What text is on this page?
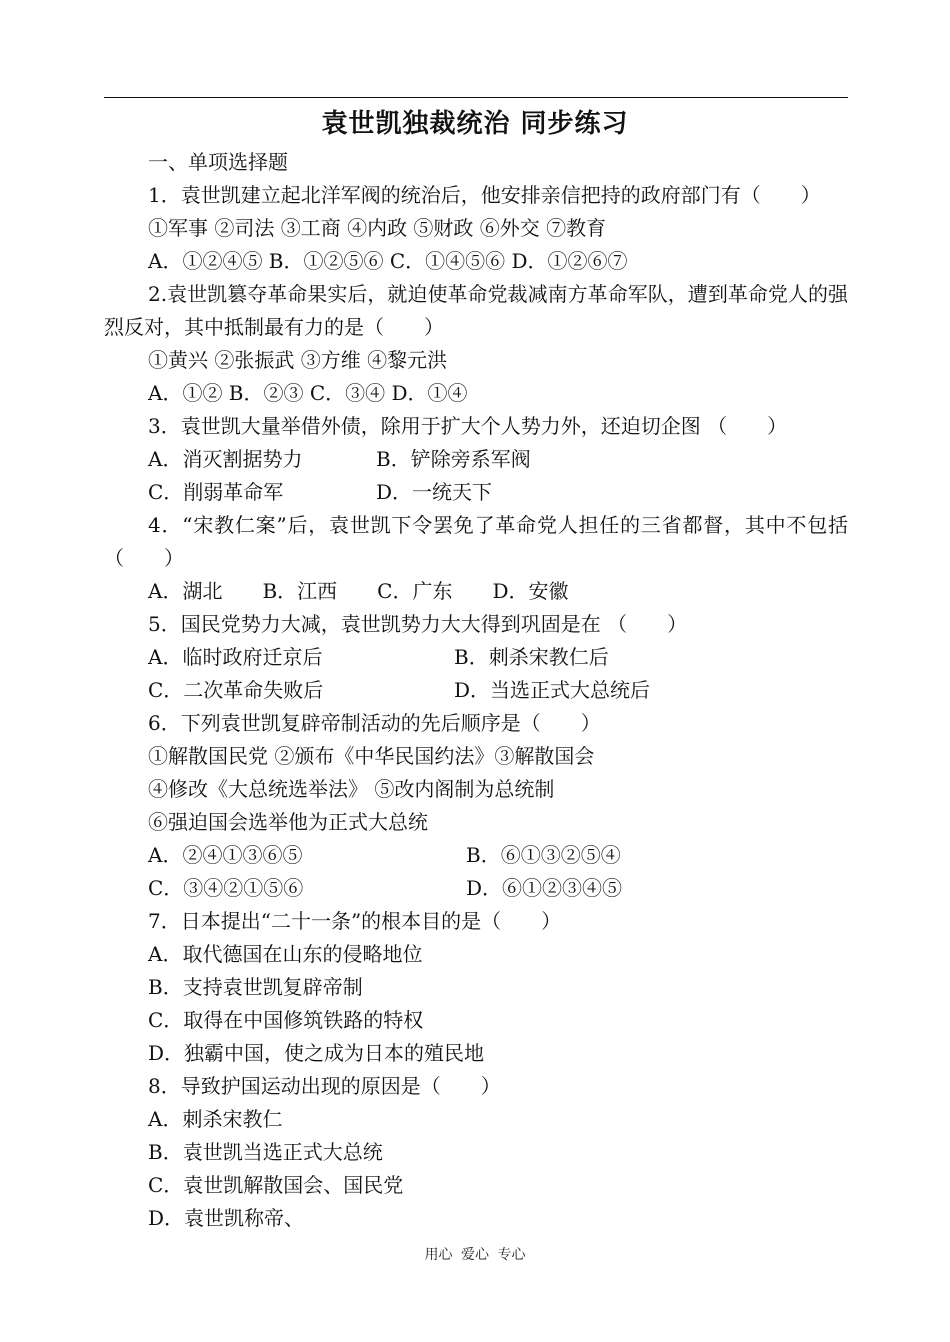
袁世凯独裁统治 同步练习
一、单项选择题
1．袁世凯建立起北洋军阀的统治后，他安排亲信把持的政府部门有（　　）
①军事 ②司法 ③工商 ④内政 ⑤财政 ⑥外交 ⑦教育
A．①②④⑤ B．①②⑤⑥ C．①④⑤⑥ D．①②⑥⑦
2.袁世凯篡夺革命果实后，就迫使革命党裁减南方革命军队，遭到革命党人的强烈反对，其中抵制最有力的是（　　）
①黄兴 ②张振武 ③方维 ④黎元洪
A．①② B．②③ C．③④ D．①④
3．袁世凯大量举借外债，除用于扩大个人势力外，还迫切企图 （　　）
A．消灭割据势力	B．铲除旁系军阀
C．削弱革命军	D．一统天下
4．“宋教仁案”后，袁世凯下令罢免了革命党人担任的三省都督，其中不包括（　　）
A．湖北　　B．江西　　C．广东　　D．安徽
5．国民党势力大减，袁世凯势力大大得到巩固是在 （　　）
A．临时政府迁京后	B．刺杀宋教仁后
C．二次革命失败后	D．当选正式大总统后
6．下列袁世凯复辟帝制活动的先后顺序是（　　）
①解散国民党 ②颁布《中华民国约法》③解散国会
④修改《大总统选举法》 ⑤改内阁制为总统制
⑥强迫国会选举他为正式大总统
A．②④①③⑥⑤	B．⑥①③②⑤④
C．③④②①⑤⑥	D．⑥①②③④⑤
7．日本提出“二十一条”的根本目的是（　　）
A．取代德国在山东的侵略地位
B．支持袁世凯复辟帝制
C．取得在中国修筑铁路的特权
D．独霸中国，使之成为日本的殖民地
8．导致护国运动出现的原因是（　　）
A．刺杀宋教仁
B．袁世凯当选正式大总统
C．袁世凯解散国会、国民党
D．袁世凯称帝、
用心 爱心 专心
